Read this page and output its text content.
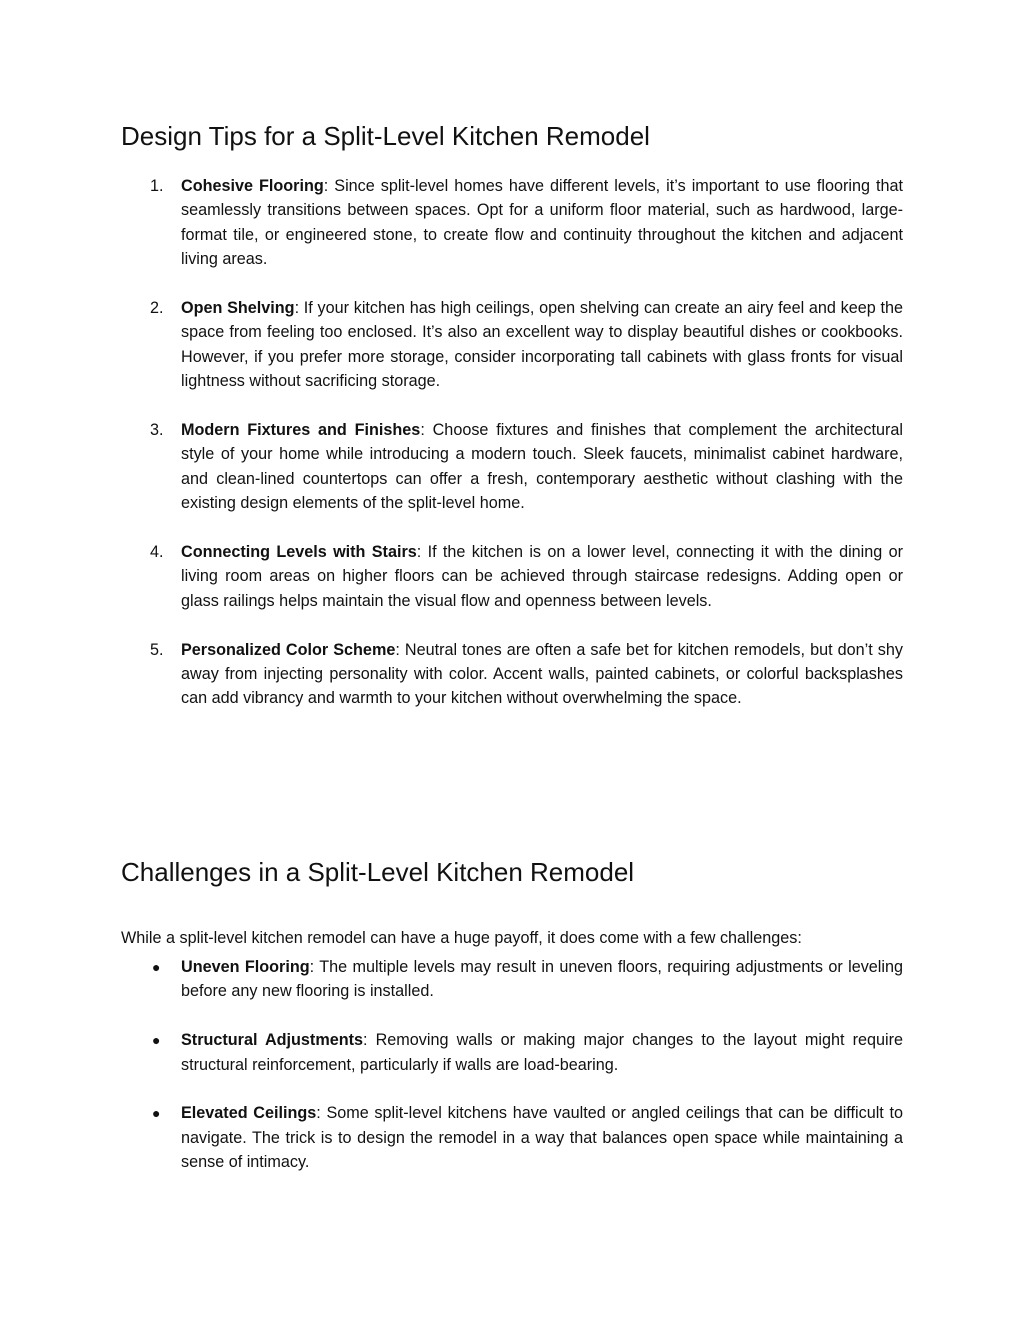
Design Tips for a Split-Level Kitchen Remodel
1. Cohesive Flooring: Since split-level homes have different levels, it’s important to use flooring that seamlessly transitions between spaces. Opt for a uniform floor material, such as hardwood, large-format tile, or engineered stone, to create flow and continuity throughout the kitchen and adjacent living areas.
2. Open Shelving: If your kitchen has high ceilings, open shelving can create an airy feel and keep the space from feeling too enclosed. It’s also an excellent way to display beautiful dishes or cookbooks. However, if you prefer more storage, consider incorporating tall cabinets with glass fronts for visual lightness without sacrificing storage.
3. Modern Fixtures and Finishes: Choose fixtures and finishes that complement the architectural style of your home while introducing a modern touch. Sleek faucets, minimalist cabinet hardware, and clean-lined countertops can offer a fresh, contemporary aesthetic without clashing with the existing design elements of the split-level home.
4. Connecting Levels with Stairs: If the kitchen is on a lower level, connecting it with the dining or living room areas on higher floors can be achieved through staircase redesigns. Adding open or glass railings helps maintain the visual flow and openness between levels.
5. Personalized Color Scheme: Neutral tones are often a safe bet for kitchen remodels, but don’t shy away from injecting personality with color. Accent walls, painted cabinets, or colorful backsplashes can add vibrancy and warmth to your kitchen without overwhelming the space.
Challenges in a Split-Level Kitchen Remodel

While a split-level kitchen remodel can have a huge payoff, it does come with a few challenges:

● Uneven Flooring: The multiple levels may result in uneven floors, requiring adjustments or leveling before any new flooring is installed.
● Structural Adjustments: Removing walls or making major changes to the layout might require structural reinforcement, particularly if walls are load-bearing.
● Elevated Ceilings: Some split-level kitchens have vaulted or angled ceilings that can be difficult to navigate. The trick is to design the remodel in a way that balances open space while maintaining a sense of intimacy.
